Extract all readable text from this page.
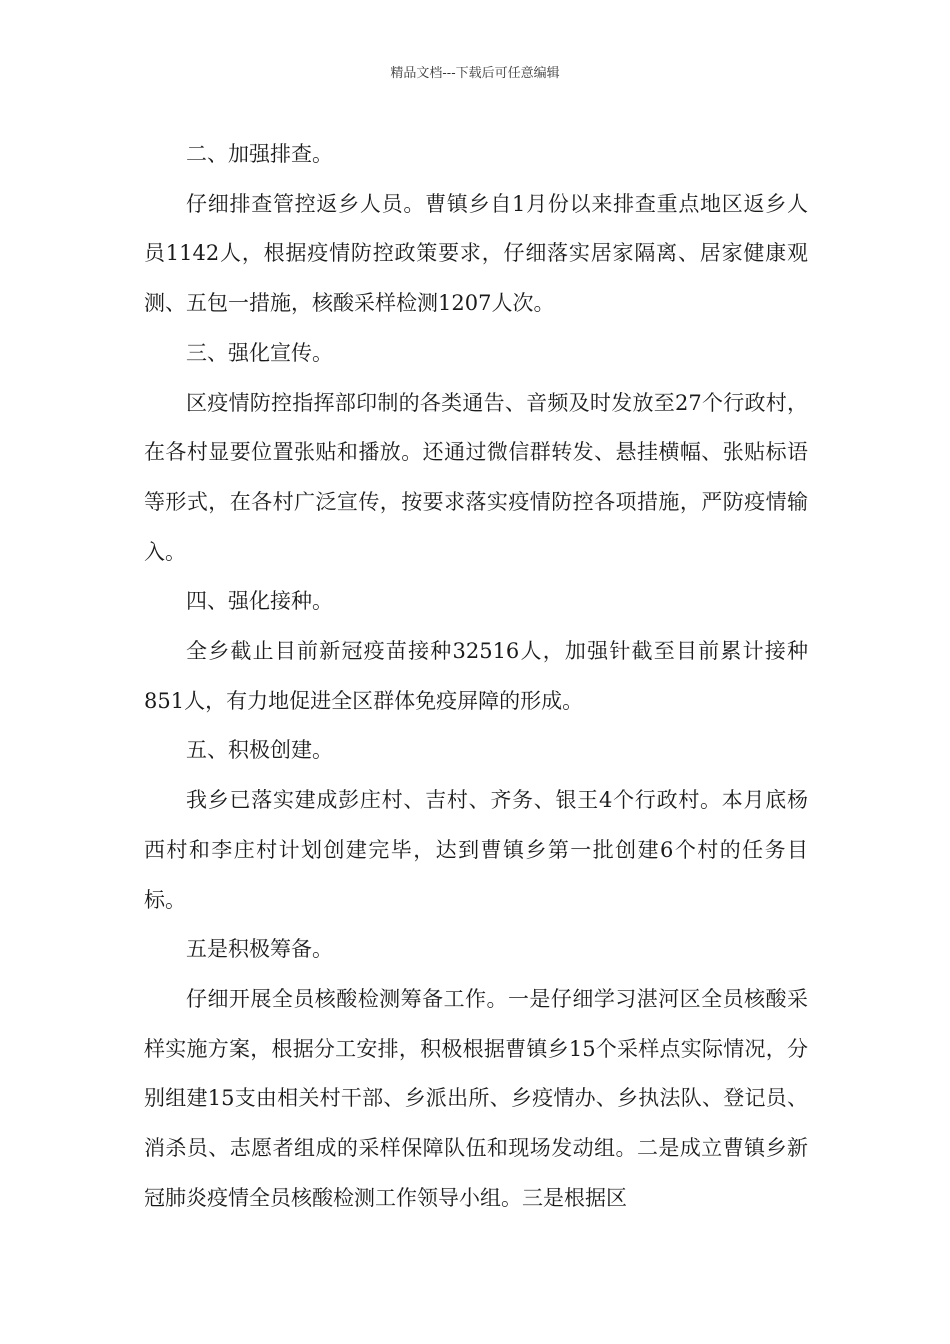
精品文档---下载后可任意编辑

二、加强排查。

仔细排查管控返乡人员。曹镇乡自1月份以来排查重点地区返乡人员1142人，根据疫情防控政策要求，仔细落实居家隔离、居家健康观测、五包一措施，核酸采样检测1207人次。

三、强化宣传。

区疫情防控指挥部印制的各类通告、音频及时发放至27个行政村，在各村显要位置张贴和播放。还通过微信群转发、悬挂横幅、张贴标语等形式，在各村广泛宣传，按要求落实疫情防控各项措施，严防疫情输入。

四、强化接种。

全乡截止目前新冠疫苗接种32516人，加强针截至目前累计接种851人，有力地促进全区群体免疫屏障的形成。

五、积极创建。

我乡已落实建成彭庄村、吉村、齐务、银王4个行政村。本月底杨西村和李庄村计划创建完毕，达到曹镇乡第一批创建6个村的任务目标。

五是积极筹备。

仔细开展全员核酸检测筹备工作。一是仔细学习湛河区全员核酸采样实施方案，根据分工安排，积极根据曹镇乡15个采样点实际情况，分别组建15支由相关村干部、乡派出所、乡疫情办、乡执法队、登记员、消杀员、志愿者组成的采样保障队伍和现场发动组。二是成立曹镇乡新冠肺炎疫情全员核酸检测工作领导小组。三是根据区
